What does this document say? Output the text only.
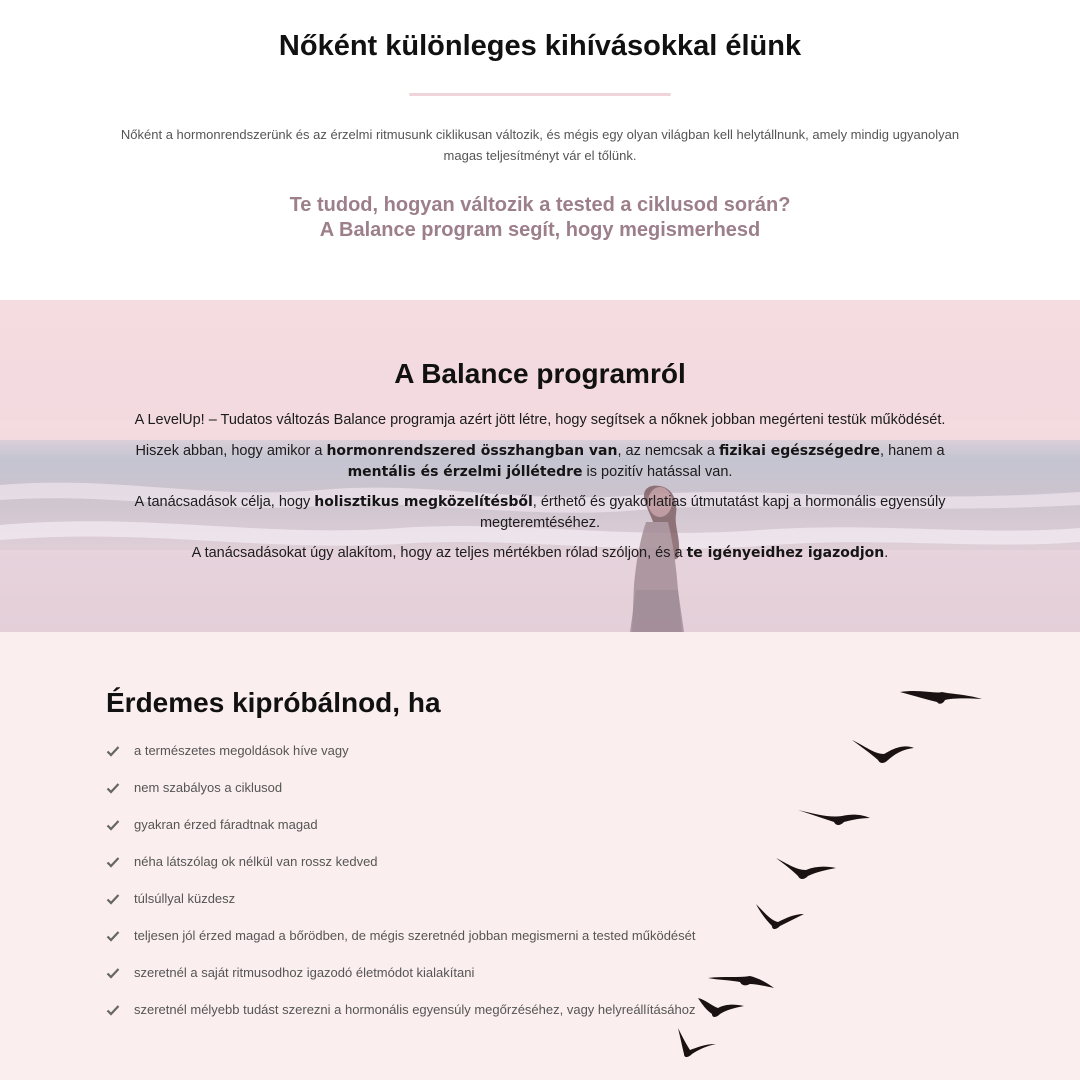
Nőként különleges kihívásokkal élünk

Nőként a hormonrendszerünk és az érzelmi ritmusunk ciklikusan változik, és mégis egy olyan világban kell helytállnunk, amely mindig ugyanolyan magas teljesítményt vár el tőlünk.

Te tudod, hogyan változik a tested a ciklusod során?

A Balance program segít, hogy megismerhesd

A Balance programról

A LevelUp! – Tudatos változás Balance programja azért jött létre, hogy segítsek a nőknek jobban megérteni testük működését.

Hiszek abban, hogy amikor a hormonrendszered összhangban van, az nemcsak a fizikai egészségedre, hanem a
mentális és érzelmi jóllétedre is pozitív hatással van.

A tanácsadások célja, hogy holisztikus megközelítésből, érthető és gyakorlatias útmutatást kapj a hormonális egyensúly megteremtéséhez.

A tanácsadásokat úgy alakítom, hogy az teljes mértékben rólad szóljon, és a te igényeidhez igazodjon.

Érdemes kipróbálnod, ha
a természetes megoldások híve vagy
nem szabályos a ciklusod
gyakran érzed fáradtnak magad
néha látszólag ok nélkül van rossz kedved
túlsúllyal küzdesz
teljesen jól érzed magad a bőrödben, de mégis szeretnéd jobban megismerni a tested működését
szeretnél a saját ritmusodhoz igazodó életmódot kialakítani
szeretnél mélyebb tudást szerezni a hormonális egyensúly megőrzéséhez, vagy helyreállításához
